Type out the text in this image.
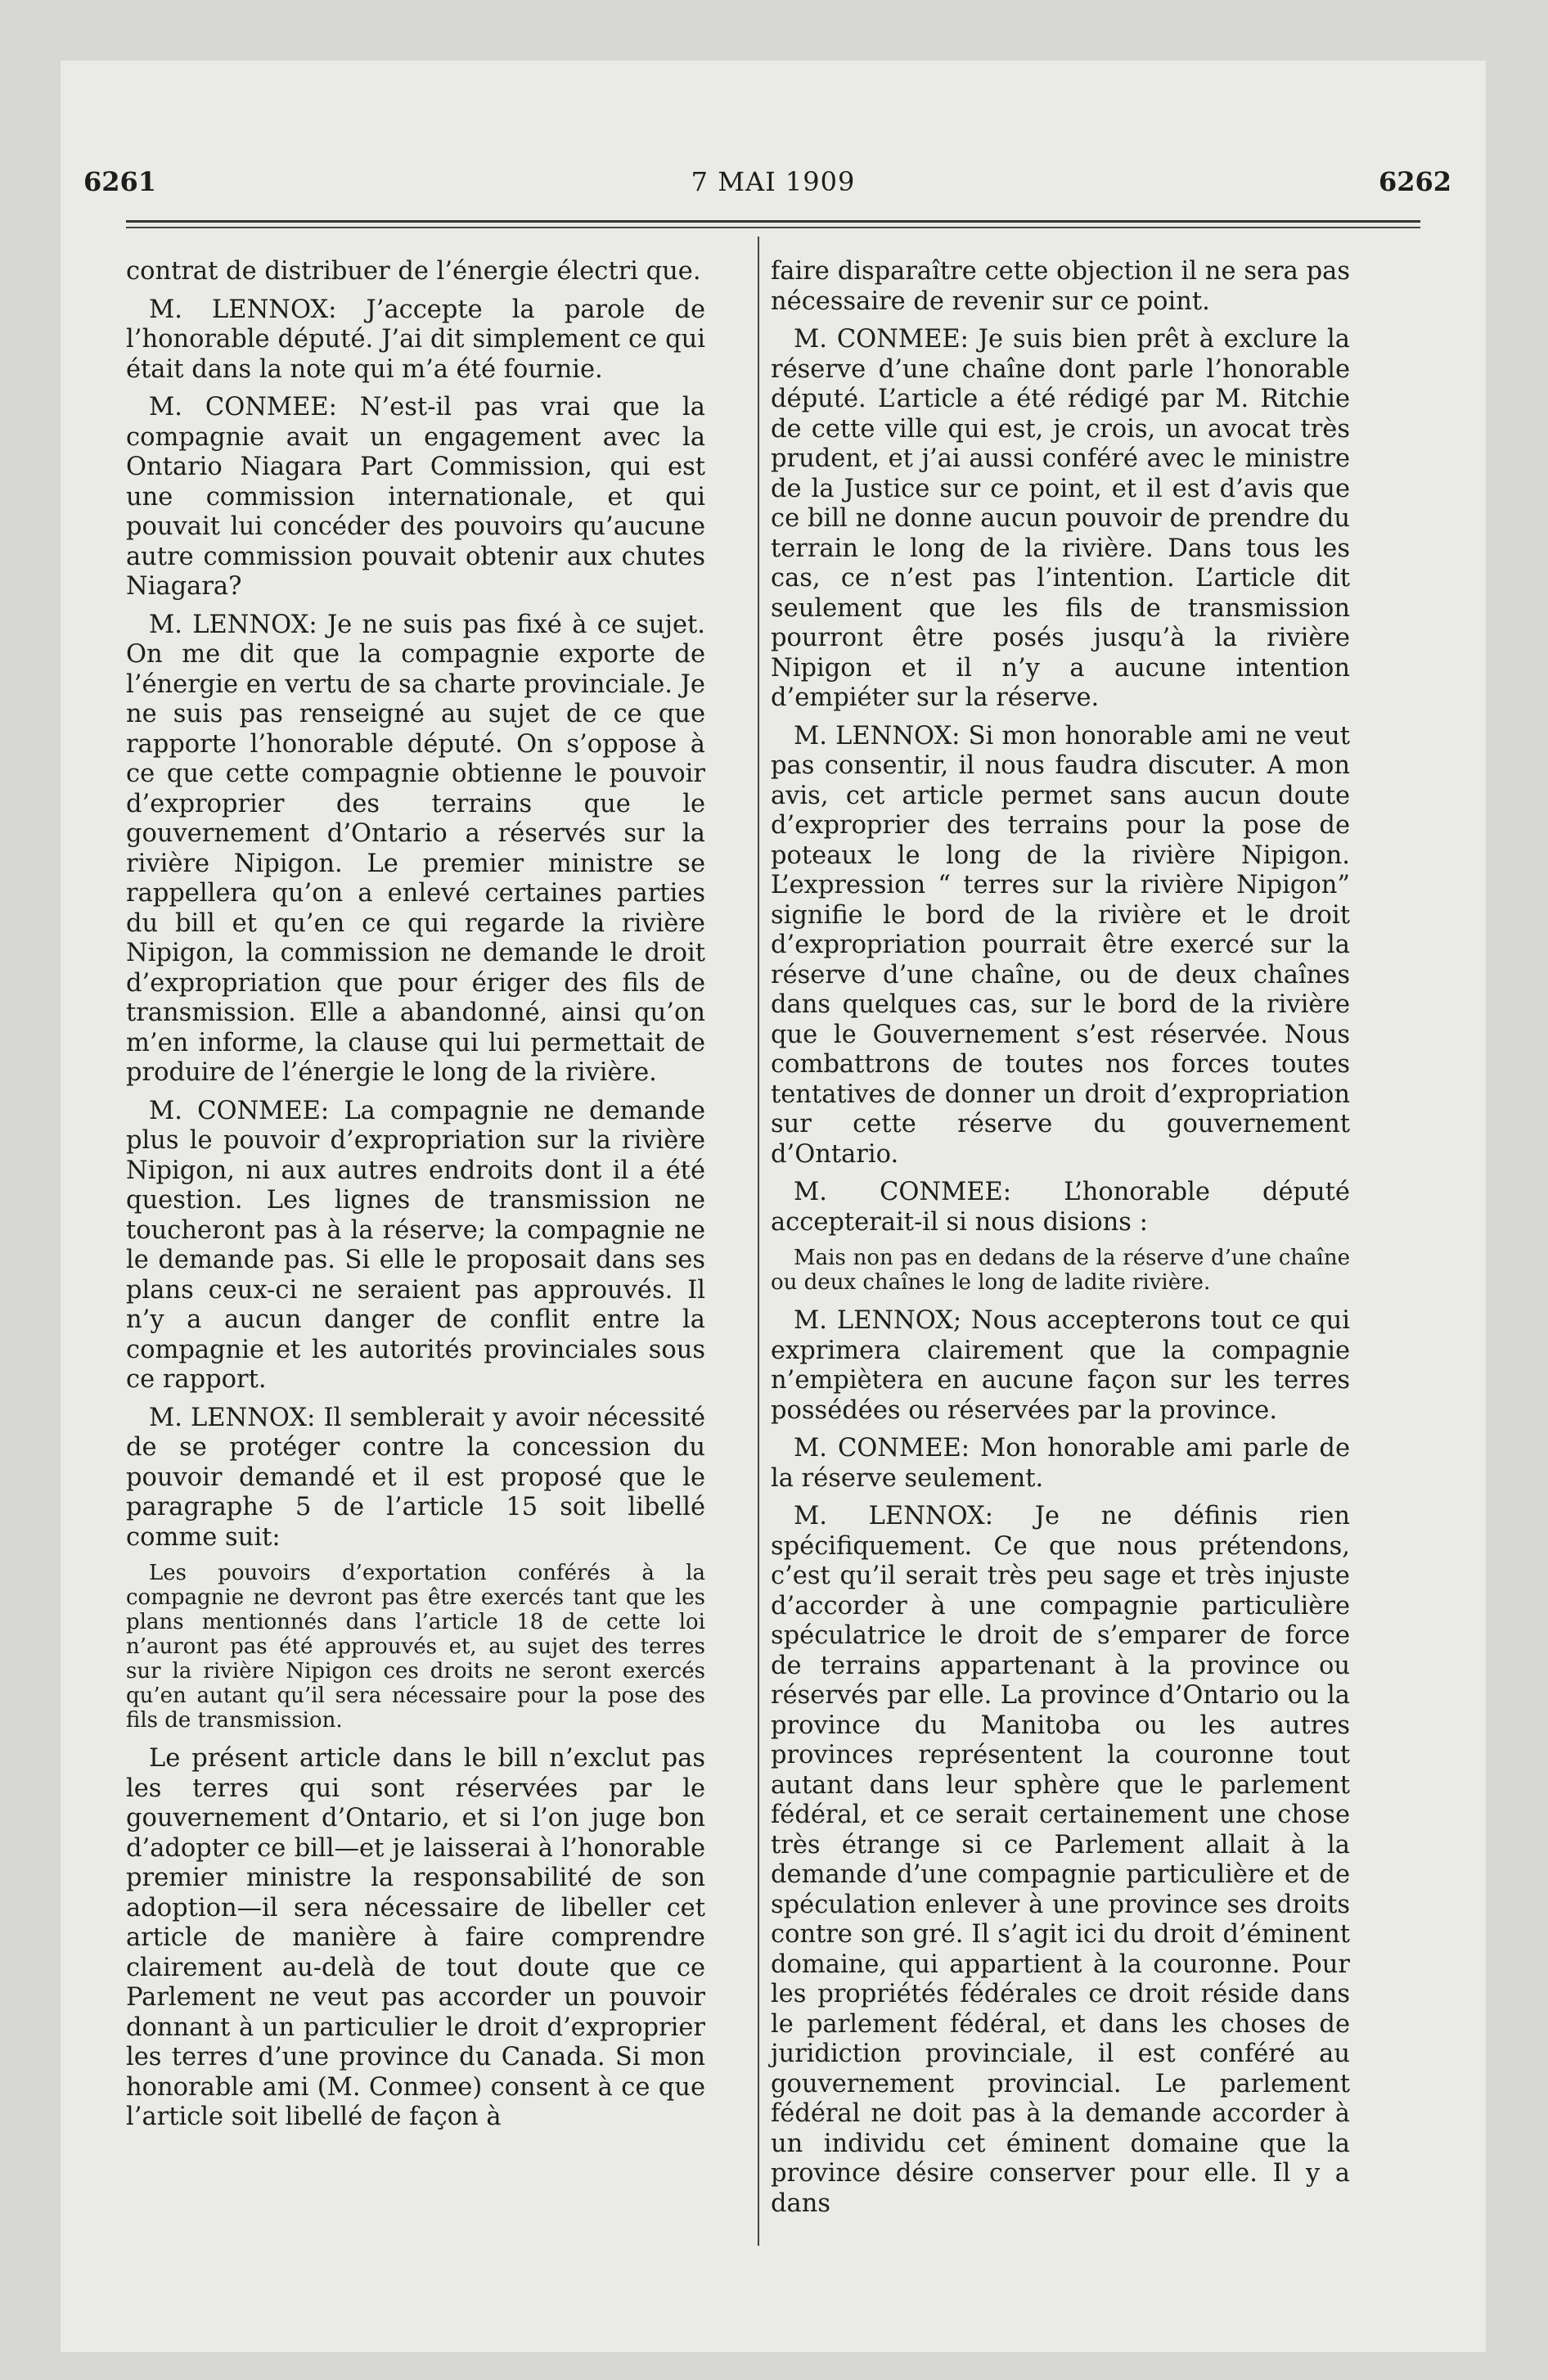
6261	7 MAI 1909	6262

contrat de distribuer de l’énergie électri que.

M. LENNOX: J’accepte la parole de l’honorable député. J’ai dit simplement ce qui était dans la note qui m’a été fournie.

M. CONMEE: N’est-il pas vrai que la compagnie avait un engagement avec la Ontario Niagara Part Commission, qui est une commission internationale, et qui pouvait lui concéder des pouvoirs qu’aucune autre commission pouvait obtenir aux chutes Niagara?

M. LENNOX: Je ne suis pas fixé à ce sujet. On me dit que la compagnie exporte de l’énergie en vertu de sa charte provinciale. Je ne suis pas renseigné au sujet de ce que rapporte l’honorable député. On s’oppose à ce que cette compagnie obtienne le pouvoir d’exproprier des terrains que le gouvernement d’Ontario a réservés sur la rivière Nipigon. Le premier ministre se rappellera qu’on a enlevé certaines parties du bill et qu’en ce qui regarde la rivière Nipigon, la commission ne demande le droit d’expropriation que pour ériger des fils de transmission. Elle a abandonné, ainsi qu’on m’en informe, la clause qui lui permettait de produire de l’énergie le long de la rivière.

M. CONMEE: La compagnie ne demande plus le pouvoir d’expropriation sur la rivière Nipigon, ni aux autres endroits dont il a été question. Les lignes de transmission ne toucheront pas à la réserve; la compagnie ne le demande pas. Si elle le proposait dans ses plans ceux-ci ne seraient pas approuvés. Il n’y a aucun danger de conflit entre la compagnie et les autorités provinciales sous ce rapport.

M. LENNOX: Il semblerait y avoir nécessité de se protéger contre la concession du pouvoir demandé et il est proposé que le paragraphe 5 de l’article 15 soit libellé comme suit:

Les pouvoirs d’exportation conférés à la compagnie ne devront pas être exercés tant que les plans mentionnés dans l’article 18 de cette loi n’auront pas été approuvés et, au sujet des terres sur la rivière Nipigon ces droits ne seront exercés qu’en autant qu’il sera nécessaire pour la pose des fils de transmission.

Le présent article dans le bill n’exclut pas les terres qui sont réservées par le gouvernement d’Ontario, et si l’on juge bon d’adopter ce bill—et je laisserai à l’honorable premier ministre la responsabilité de son adoption—il sera nécessaire de libeller cet article de manière à faire comprendre clairement au-delà de tout doute que ce Parlement ne veut pas accorder un pouvoir donnant à un particulier le droit d’exproprier les terres d’une province du Canada. Si mon honorable ami (M. Conmee) consent à ce que l’article soit libellé de façon à

faire disparaître cette objection il ne sera pas nécessaire de revenir sur ce point.

M. CONMEE: Je suis bien prêt à exclure la réserve d’une chaîne dont parle l’honorable député. L’article a été rédigé par M. Ritchie de cette ville qui est, je crois, un avocat très prudent, et j’ai aussi conféré avec le ministre de la Justice sur ce point, et il est d’avis que ce bill ne donne aucun pouvoir de prendre du terrain le long de la rivière. Dans tous les cas, ce n’est pas l’intention. L’article dit seulement que les fils de transmission pourront être posés jusqu’à la rivière Nipigon et il n’y a aucune intention d’empiéter sur la réserve.

M. LENNOX: Si mon honorable ami ne veut pas consentir, il nous faudra discuter. A mon avis, cet article permet sans aucun doute d’exproprier des terrains pour la pose de poteaux le long de la rivière Nipigon. L’expression “ terres sur la rivière Nipigon” signifie le bord de la rivière et le droit d’expropriation pourrait être exercé sur la réserve d’une chaîne, ou de deux chaînes dans quelques cas, sur le bord de la rivière que le Gouvernement s’est réservée. Nous combattrons de toutes nos forces toutes tentatives de donner un droit d’expropriation sur cette réserve du gouvernement d’Ontario.

M. CONMEE: L’honorable député accepterait-il si nous disions :

Mais non pas en dedans de la réserve d’une chaîne ou deux chaînes le long de ladite rivière.

M. LENNOX; Nous accepterons tout ce qui exprimera clairement que la compagnie n’empiètera en aucune façon sur les terres possédées ou réservées par la province.

M. CONMEE: Mon honorable ami parle de la réserve seulement.

M. LENNOX: Je ne définis rien spécifiquement. Ce que nous prétendons, c’est qu’il serait très peu sage et très injuste d’accorder à une compagnie particulière spéculatrice le droit de s’emparer de force de terrains appartenant à la province ou réservés par elle. La province d’Ontario ou la province du Manitoba ou les autres provinces représentent la couronne tout autant dans leur sphère que le parlement fédéral, et ce serait certainement une chose très étrange si ce Parlement allait à la demande d’une compagnie particulière et de spéculation enlever à une province ses droits contre son gré. Il s’agit ici du droit d’éminent domaine, qui appartient à la couronne. Pour les propriétés fédérales ce droit réside dans le parlement fédéral, et dans les choses de juridiction provinciale, il est conféré au gouvernement provincial. Le parlement fédéral ne doit pas à la demande accorder à un individu cet éminent domaine que la province désire conserver pour elle. Il y a dans
